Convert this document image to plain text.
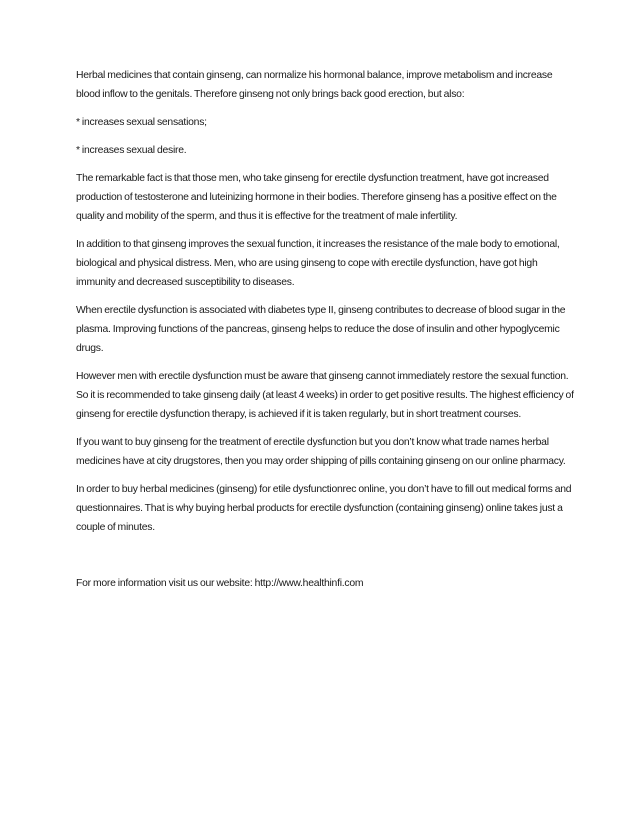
Herbal medicines that contain ginseng, can normalize his hormonal balance, improve metabolism and increase blood inflow to the genitals. Therefore ginseng not only brings back good erection, but also:

* increases sexual sensations;

* increases sexual desire.

The remarkable fact is that those men, who take ginseng for erectile dysfunction treatment, have got increased production of testosterone and luteinizing hormone in their bodies. Therefore ginseng has a positive effect on the quality and mobility of the sperm, and thus it is effective for the treatment of male infertility.

In addition to that ginseng improves the sexual function, it increases the resistance of the male body to emotional, biological and physical distress. Men, who are using ginseng to cope with erectile dysfunction, have got high immunity and decreased susceptibility to diseases.

When erectile dysfunction is associated with diabetes type II, ginseng contributes to decrease of blood sugar in the plasma. Improving functions of the pancreas, ginseng helps to reduce the dose of insulin and other hypoglycemic drugs.

However men with erectile dysfunction must be aware that ginseng cannot immediately restore the sexual function. So it is recommended to take ginseng daily (at least 4 weeks) in order to get positive results. The highest efficiency of ginseng for erectile dysfunction therapy, is achieved if it is taken regularly, but in short treatment courses.

If you want to buy ginseng for the treatment of erectile dysfunction but you don’t know what trade names herbal medicines have at city drugstores, then you may order shipping of pills containing ginseng on our online pharmacy.

In order to buy herbal medicines (ginseng) for etile dysfunctionrec online, you don’t have to fill out medical forms and questionnaires. That is why buying herbal products for erectile dysfunction (containing ginseng) online takes just a couple of minutes.

For more information visit us our website: http://www.healthinfi.com
